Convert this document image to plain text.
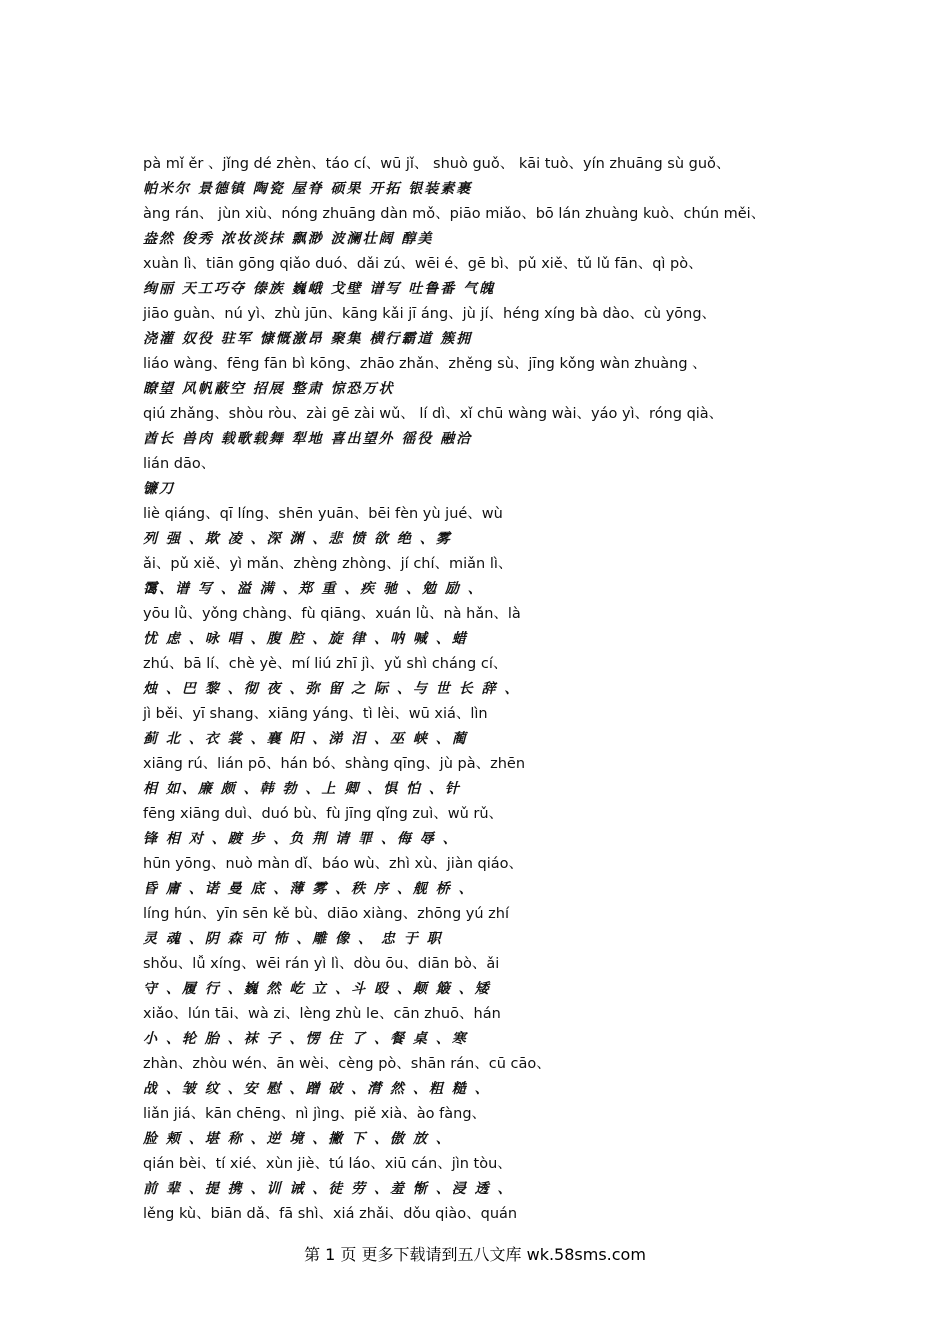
pà mǐ ěr 、jǐng dé zhèn、táo cí、wū jǐ、 shuò guǒ、 kāi tuò、yín zhuāng sù guǒ、
帕米尔 景德镇 陶瓷 屋脊 硕果 开拓 银装素裹
àng rán、 jùn xiù、nóng zhuāng dàn mǒ、piāo miǎo、bō lán zhuàng kuò、chún měi、
盎然 俊秀 浓妆淡抹 飘渺 波澜壮阔 醇美
xuàn lì、tiān gōng qiǎo duó、dǎi zú、wēi é、gē bì、pǔ xiě、tǔ lǔ fān、qì pò、
绚丽 天工巧夺 傣族 巍峨 戈壁 谱写 吐鲁番 气魄
jiāo guàn、nú yì、zhù jūn、kāng kǎi jī áng、jù jí、héng xíng bà dào、cù yōng、
浇灌 奴役 驻军 慷慨激昂 聚集 横行霸道 簇拥
liáo wàng、fēng fān bì kōng、zhāo zhǎn、zhěng sù、jīng kǒng wàn zhuàng 、
瞭望 风帆蔽空 招展 整肃 惊恐万状
qiú zhǎng、shòu ròu、zài gē zài wǔ、 lí dì、xǐ chū wàng wài、yáo yì、róng qià、
酋长 兽肉 载歌载舞 犁地 喜出望外 徭役 融洽
lián dāo、
镰刀
liè qiáng、qī líng、shēn yuān、bēi fèn yù jué、wù
列 强 、欺 凌 、深 渊 、悲 愤 欲 绝 、雾
ǎi、pǔ xiě、yì mǎn、zhèng zhòng、jí chí、miǎn lì、
霭、谱 写 、溢 满 、郑 重 、疾 驰 、勉 励 、
yōu lǜ、yǒng chàng、fù qiāng、xuán lǜ、nà hǎn、là
忧 虑 、咏 唱 、腹 腔 、旋 律 、呐 喊 、蜡
zhú、bā lí、chè yè、mí liú zhī jì、yǔ shì cháng cí、
烛 、巴 黎 、彻 夜 、弥 留 之 际 、与 世 长 辞 、
jì běi、yī shang、xiāng yáng、tì lèi、wū xiá、lìn
蓟 北 、衣 裳 、襄 阳 、涕 泪 、巫 峡 、蔺
xiāng rú、lián pō、hán bó、shàng qīng、jù pà、zhēn
相 如、廉 颇 、韩 勃 、上 卿 、惧 怕 、针
fēng xiāng duì、duó bù、fù jīng qǐng zuì、wǔ rǔ、
锋 相 对 、踱 步 、负 荆 请 罪 、侮 辱 、
hūn yōng、nuò màn dǐ、báo wù、zhì xù、jiàn qiáo、
昏 庸 、诺 曼 底 、薄 雾 、秩 序 、舰 桥 、
líng hún、yīn sēn kě bù、diāo xiàng、zhōng yú zhí
灵 魂 、阴 森 可 怖 、雕 像 、 忠 于 职
shǒu、lǚ xíng、wēi rán yì lì、dòu ōu、diān bò、ǎi
守 、履 行 、巍 然 屹 立 、斗 殴 、颠 簸 、矮
xiǎo、lún tāi、wà zi、lèng zhù le、cān zhuō、hán
小 、轮 胎 、袜 子 、愣 住 了 、餐 桌 、寒
zhàn、zhòu wén、ān wèi、cèng pò、shān rán、cū cāo、
战 、皱 纹 、安 慰 、蹭 破 、潸 然 、粗 糙 、
liǎn jiá、kān chēng、nì jìng、piě xià、ào fàng、
脸 颊 、堪 称 、逆 境 、撇 下 、傲 放 、
qián bèi、tí xié、xùn jiè、tú láo、xiū cán、jìn tòu、
前 辈 、提 携 、训 诫 、徒 劳 、羞 惭 、浸 透 、
lěng kù、biān dǎ、fā shì、xiá zhǎi、dǒu qiào、quán
第 1 页 更多下载请到五八文库 wk.58sms.com
